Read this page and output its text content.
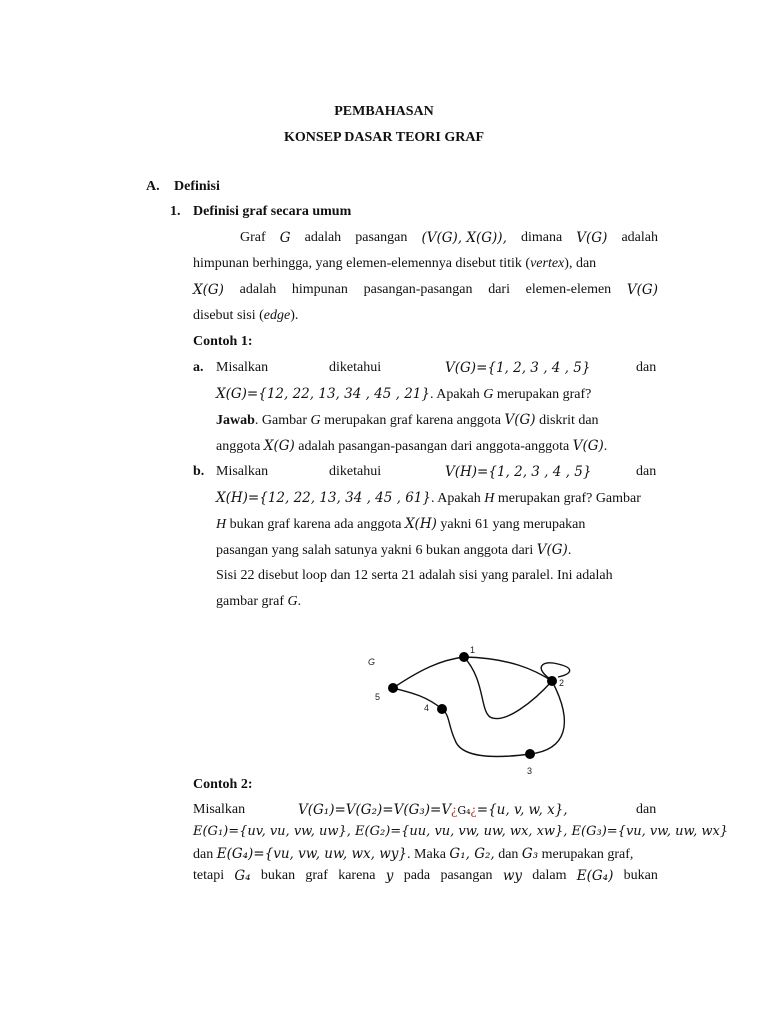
PEMBAHASAN
KONSEP DASAR TEORI GRAF
A. Definisi
1. Definisi graf secara umum
Graf G adalah pasangan (V(G), X(G)), dimana V(G) adalah
himpunan berhingga, yang elemen-elemennya disebut titik (vertex), dan
X(G) adalah himpunan pasangan-pasangan dari elemen-elemen V(G)
disebut sisi (edge).
Contoh 1:
a. Misalkan	diketahui	V(G)={1, 2, 3 , 4 , 5}	dan
X(G)={12, 22, 13, 34 , 45 , 21}. Apakah G merupakan graf?
Jawab. Gambar G merupakan graf karena anggota V(G) diskrit dan
anggota X(G) adalah pasangan-pasangan dari anggota-anggota V(G).
b. Misalkan	diketahui	V(H)={1, 2, 3 , 4 , 5}	dan
X(H)={12, 22, 13, 34 , 45 , 61}. Apakah H merupakan graf? Gambar
H bukan graf karena ada anggota X(H) yakni 61 yang merupakan
pasangan yang salah satunya yakni 6 bukan anggota dari V(G).
Sisi 22 disebut loop dan 12 serta 21 adalah sisi yang paralel. Ini adalah
gambar graf G.
G
1
2
3
4
5
Contoh 2:
Misalkan	V(G₁)=V(G₂)=V(G₃)=V¿G₄¿={u, v, w, x},	dan
E(G₁)={uv, vu, vw, uw}, E(G₂)={uu, vu, vw, uw, wx, xw}, E(G₃)={vu, vw, uw, wx}
dan E(G₄)={vu, vw, uw, wx, wy}. Maka G₁, G₂, dan G₃ merupakan graf,
tetapi G₄ bukan graf karena y pada pasangan wy dalam E(G₄) bukan
